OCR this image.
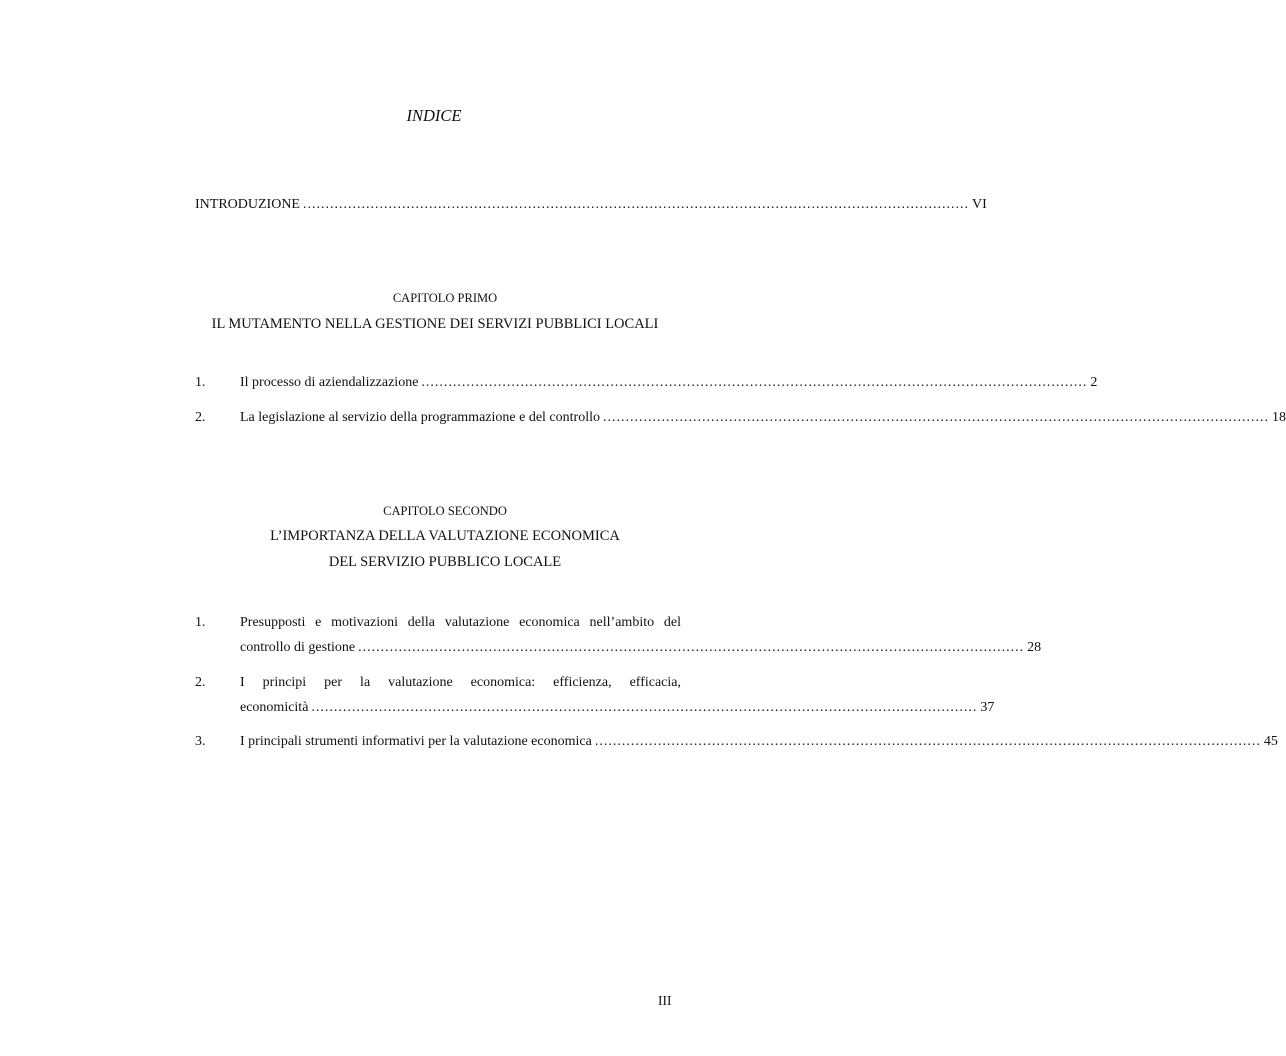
INDICE
INTRODUZIONE .................................................................................................................................................... VI
CAPITOLO PRIMO
IL MUTAMENTO NELLA GESTIONE DEI SERVIZI PUBBLICI LOCALI
1. Il processo di aziendalizzazione .................................................................................................................................................... 2
2. La legislazione al servizio della programmazione e del controllo .................................................................................................................................................... 18
CAPITOLO SECONDO
L’IMPORTANZA DELLA VALUTAZIONE ECONOMICA
DEL SERVIZIO PUBBLICO LOCALE
1. Presupposti e motivazioni della valutazione economica nell’ambito del
controllo di gestione .................................................................................................................................................... 28
2. I principi per la valutazione economica: efficienza, efficacia,
economicità .................................................................................................................................................... 37
3. I principali strumenti informativi per la valutazione economica .................................................................................................................................................... 45
III
